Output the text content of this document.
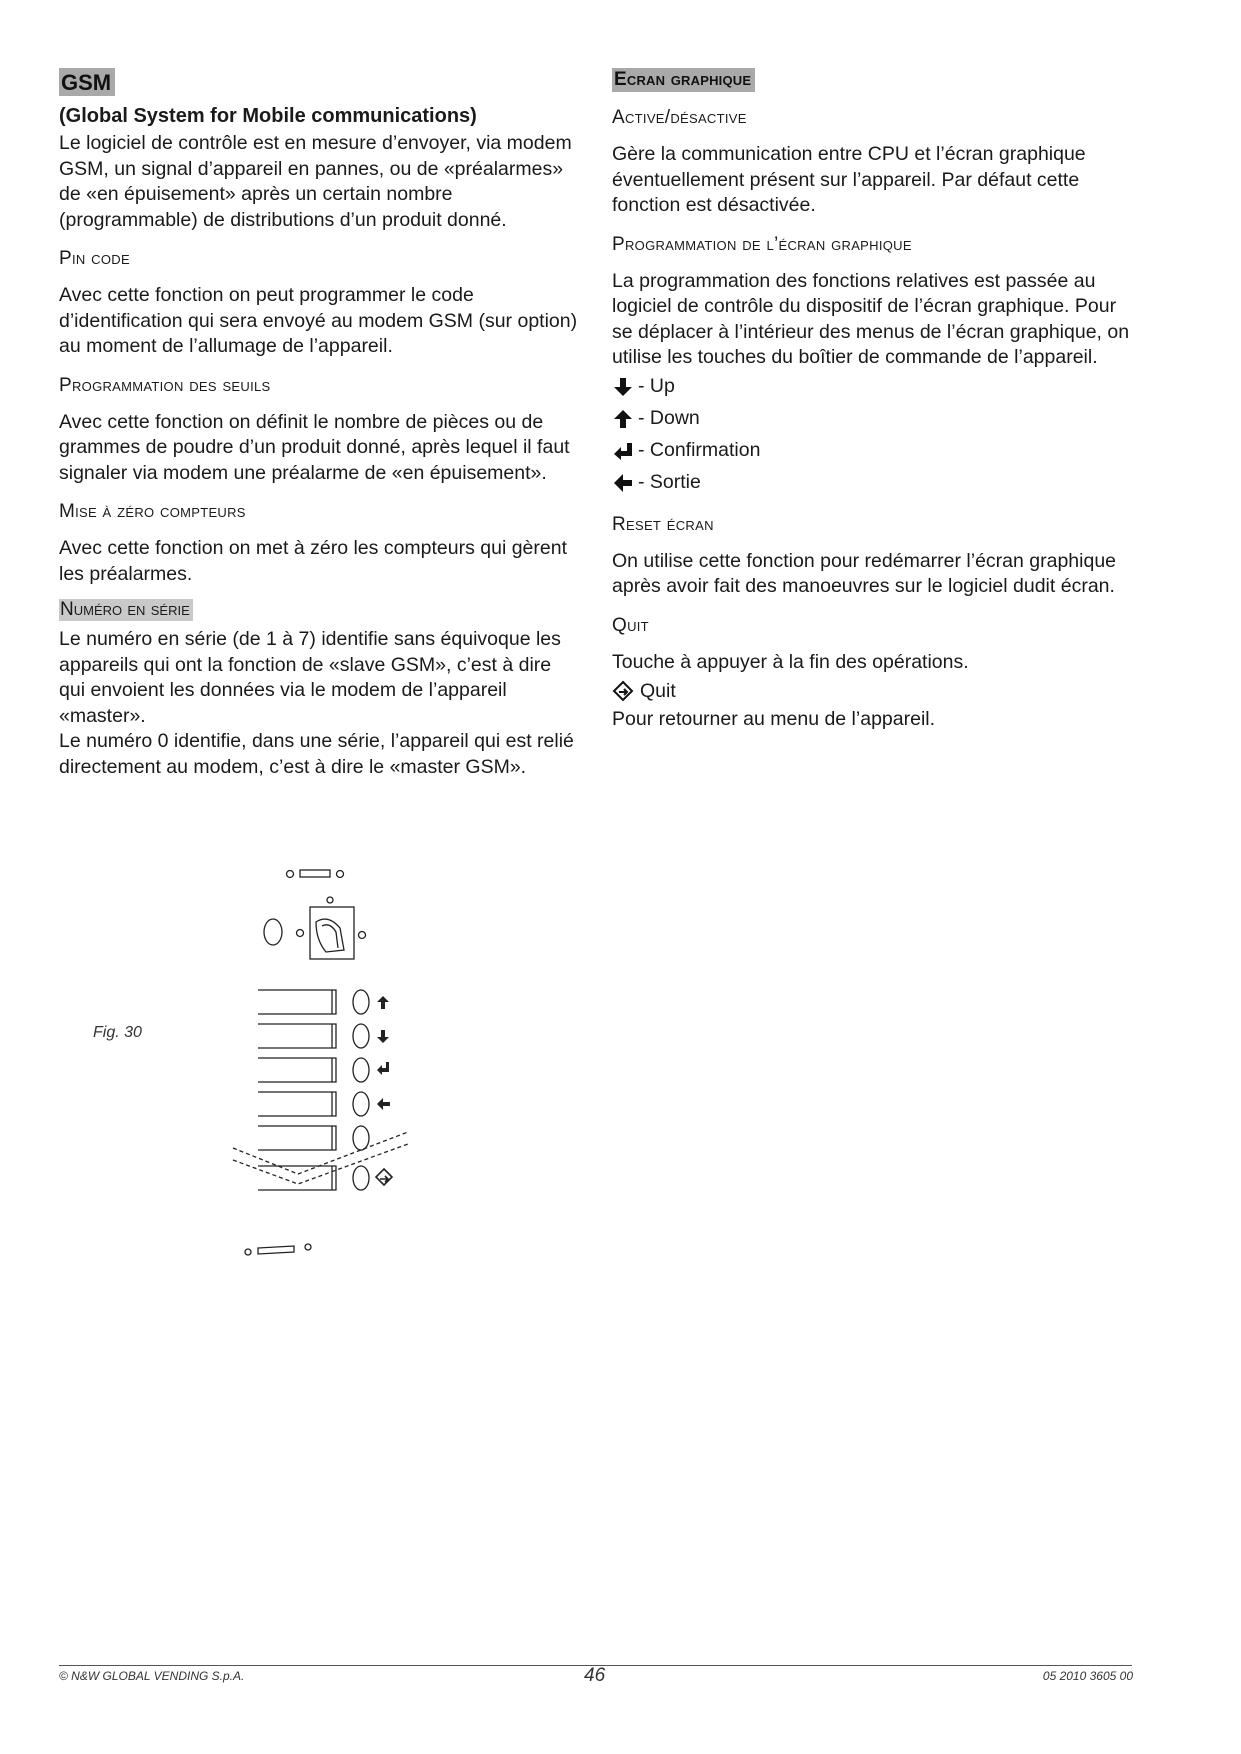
GSM
(Global System for Mobile communications)

Le logiciel de contrôle est en mesure d’envoyer, via modem GSM, un signal d’appareil en pannes, ou de «préalarmes» de «en épuisement» après un certain nombre (programmable) de distributions d’un produit donné.

Pin code

Avec cette fonction on peut programmer le code d’identification qui sera envoyé au modem GSM (sur option) au moment de l’allumage de l’appareil.

Programmation des seuils

Avec cette fonction on définit le nombre de pièces ou de grammes de poudre d’un produit donné, après lequel il faut signaler via modem une préalarme de «en épuisement».

Mise à zéro compteurs

Avec cette fonction on met à zéro les compteurs qui gèrent les préalarmes.

Numéro en série

Le numéro en série (de 1 à 7) identifie sans équivoque les appareils qui ont la fonction de «slave GSM», c’est à dire qui envoient les données via le modem de l’appareil «master».

Le numéro 0 identifie, dans une série, l’appareil qui est relié directement au modem, c’est à dire le «master GSM».

Fig. 30
Ecran graphique
Active/désactive

Gère la communication entre CPU et l’écran graphique éventuellement présent sur l’appareil. Par défaut cette fonction est désactivée.

Programmation de l’écran graphique

La programmation des fonctions relatives est passée au logiciel de contrôle du dispositif de l’écran graphique. Pour se déplacer à l’intérieur des menus de l’écran graphique, on utilise les touches du boîtier de commande de l’appareil.

- Up
- Down
- Confirmation
- Sortie
Reset écran

On utilise cette fonction pour redémarrer l’écran graphique après avoir fait des manoeuvres sur le logiciel dudit écran.

Quit

Touche à appuyer à la fin des opérations.

Quit

Pour retourner au menu de l’appareil.

© N&W GLOBAL VENDING S.p.A.	46	05 2010 3605 00
